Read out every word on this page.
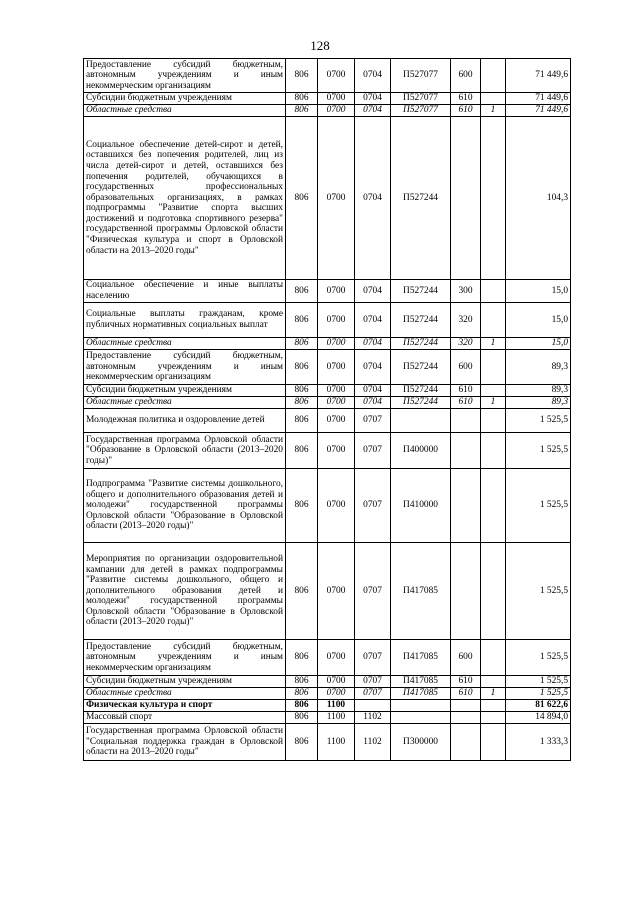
128
Предоставление субсидий бюджетным, автономным учреждениям и иным некоммерческим организациям	806	0700	0704	П527077	600		71 449,6
Субсидии бюджетным учреждениям	806	0700	0704	П527077	610		71 449,6
Областные средства	806	0700	0704	П527077	610	1	71 449,6
Социальное обеспечение детей-сирот и детей, оставшихся без попечения родителей, лиц из числа детей-сирот и детей, оставшихся без попечения родителей, обучающихся в государственных профессиональных образовательных организациях, в рамках подпрограммы "Развитие спорта высших достижений и подготовка спортивного резерва" государственной программы Орловской области "Физическая культура и спорт в Орловской области на 2013–2020 годы"	806	0700	0704	П527244			104,3
Социальное обеспечение и иные выплаты населению	806	0700	0704	П527244	300		15,0
Социальные выплаты гражданам, кроме публичных нормативных социальных выплат	806	0700	0704	П527244	320		15,0
Областные средства	806	0700	0704	П527244	320	1	15,0
Предоставление субсидий бюджетным, автономным учреждениям и иным некоммерческим организациям	806	0700	0704	П527244	600		89,3
Субсидии бюджетным учреждениям	806	0700	0704	П527244	610		89,3
Областные средства	806	0700	0704	П527244	610	1	89,3
Молодежная политика и оздоровление детей	806	0700	0707				1 525,5
Государственная программа Орловской области "Образование в Орловской области (2013–2020 годы)"	806	0700	0707	П400000			1 525,5
Подпрограмма "Развитие системы дошкольного, общего и дополнительного образования детей и молодежи" государственной программы Орловской области "Образование в Орловской области (2013–2020 годы)"	806	0700	0707	П410000			1 525,5
Мероприятия по организации оздоровительной кампании для детей в рамках подпрограммы "Развитие системы дошкольного, общего и дополнительного образования детей и молодежи" государственной программы Орловской области "Образование в Орловской области (2013–2020 годы)"	806	0700	0707	П417085			1 525,5
Предоставление субсидий бюджетным, автономным учреждениям и иным некоммерческим организациям	806	0700	0707	П417085	600		1 525,5
Субсидии бюджетным учреждениям	806	0700	0707	П417085	610		1 525,5
Областные средства	806	0700	0707	П417085	610	1	1 525,5
Физическая культура и спорт	806	1100					81 622,6
Массовый спорт	806	1100	1102				14 894,0
Государственная программа Орловской области "Социальная поддержка граждан в Орловской области на 2013–2020 годы"	806	1100	1102	П300000			1 333,3
